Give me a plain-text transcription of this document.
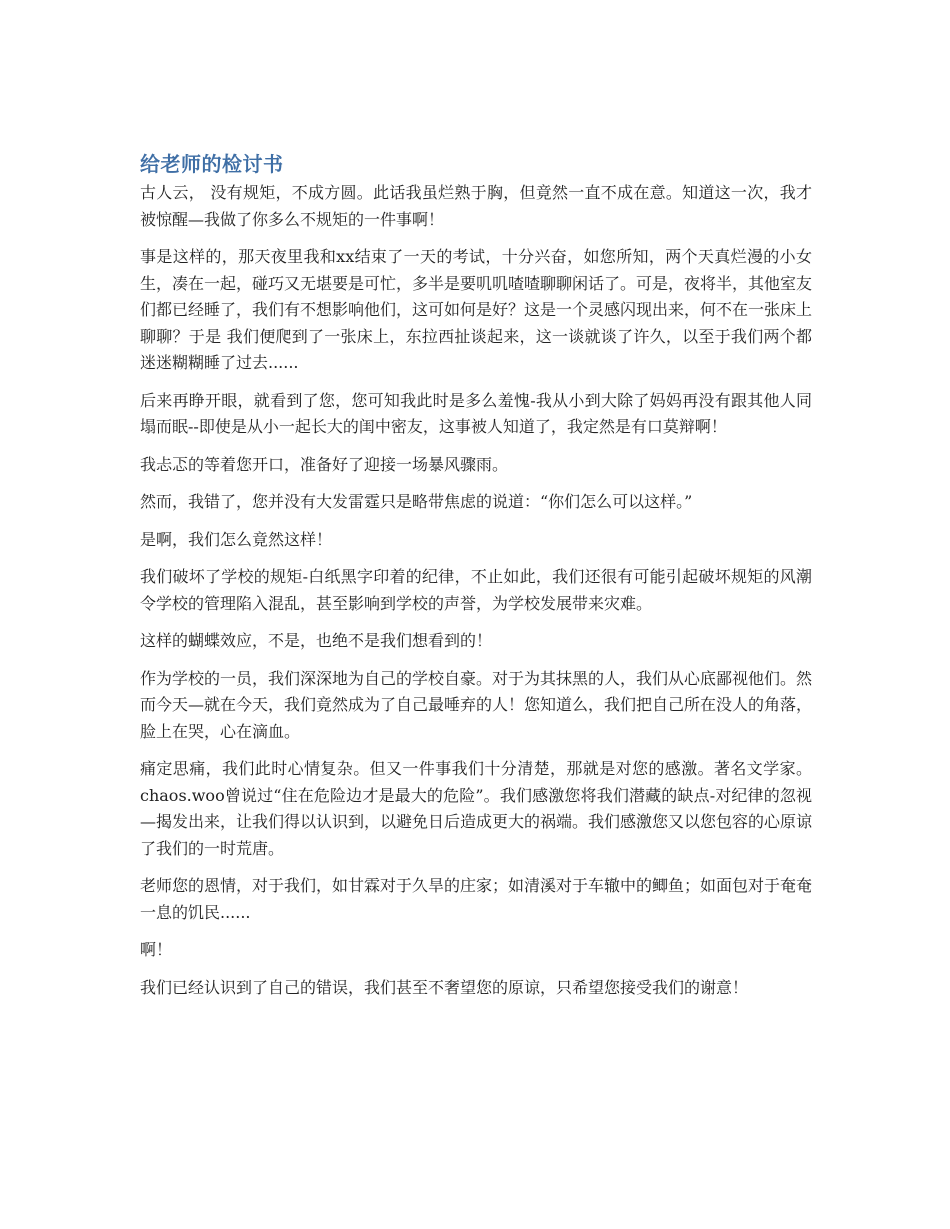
给老师的检讨书

古人云， 没有规矩，不成方圆。此话我虽烂熟于胸，但竟然一直不成在意。知道这一次，我才被惊醒—我做了你多么不规矩的一件事啊！

事是这样的，那天夜里我和xx结束了一天的考试，十分兴奋，如您所知，两个天真烂漫的小女生，凑在一起，碰巧又无堪要是可忙，多半是要叽叽喳喳聊聊闲话了。可是，夜将半，其他室友们都已经睡了，我们有不想影响他们，这可如何是好？这是一个灵感闪现出来，何不在一张床上聊聊？于是 我们便爬到了一张床上，东拉西扯谈起来，这一谈就谈了许久，以至于我们两个都迷迷糊糊睡了过去......

后来再睁开眼，就看到了您，您可知我此时是多么羞愧-我从小到大除了妈妈再没有跟其他人同塌而眠--即使是从小一起长大的闺中密友，这事被人知道了，我定然是有口莫辩啊！

我忐忑的等着您开口，准备好了迎接一场暴风骤雨。

然而，我错了，您并没有大发雷霆只是略带焦虑的说道：“你们怎么可以这样。”

是啊，我们怎么竟然这样！

我们破坏了学校的规矩-白纸黑字印着的纪律，不止如此，我们还很有可能引起破坏规矩的风潮令学校的管理陷入混乱，甚至影响到学校的声誉，为学校发展带来灾难。

这样的蝴蝶效应，不是，也绝不是我们想看到的！

作为学校的一员，我们深深地为自己的学校自豪。对于为其抹黑的人，我们从心底鄙视他们。然而今天—就在今天，我们竟然成为了自己最唾弃的人！您知道么，我们把自己所在没人的角落，脸上在哭，心在滴血。

痛定思痛，我们此时心情复杂。但又一件事我们十分清楚，那就是对您的感激。著名文学家。chaos.woo曾说过“住在危险边才是最大的危险”。我们感激您将我们潜藏的缺点-对纪律的忽视—揭发出来，让我们得以认识到，以避免日后造成更大的祸端。我们感激您又以您包容的心原谅了我们的一时荒唐。

老师您的恩情，对于我们，如甘霖对于久旱的庄家；如清溪对于车辙中的鲫鱼；如面包对于奄奄一息的饥民......

啊！

我们已经认识到了自己的错误，我们甚至不奢望您的原谅，只希望您接受我们的谢意！
